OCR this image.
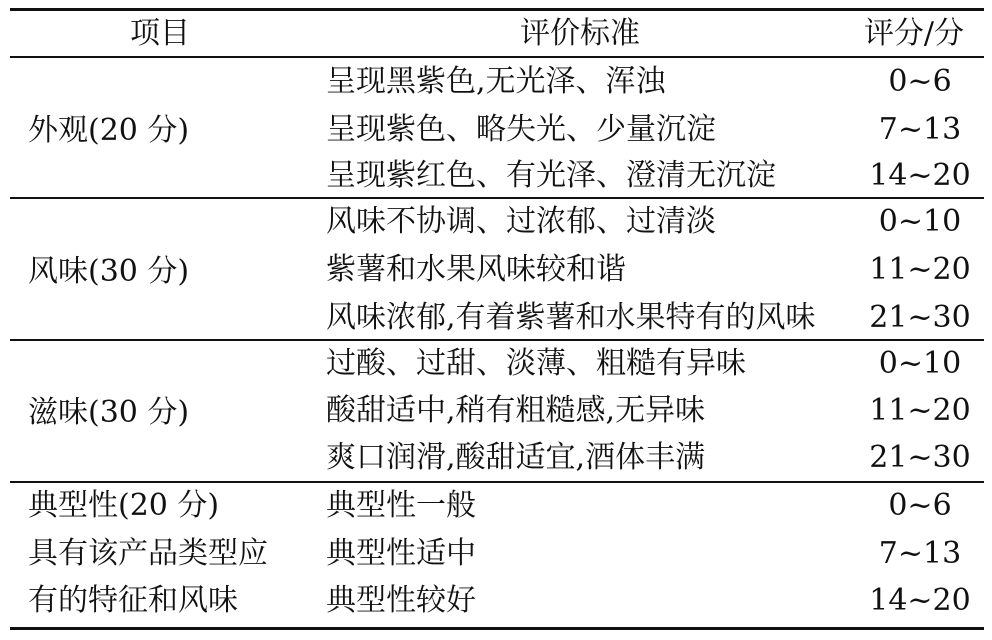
项目	评价标准	评分/分
外观(20 分)
呈现黑紫色,无光泽、浑浊	0~6
呈现紫色、略失光、少量沉淀	7~13
呈现紫红色、有光泽、澄清无沉淀	14~20
风味(30 分)
风味不协调、过浓郁、过清淡	0~10
紫薯和水果风味较和谐	11~20
风味浓郁,有着紫薯和水果特有的风味	21~30
滋味(30 分)
过酸、过甜、淡薄、粗糙有异味	0~10
酸甜适中,稍有粗糙感,无异味	11~20
爽口润滑,酸甜适宜,酒体丰满	21~30
典型性(20 分)
具有该产品类型应
有的特征和风味
典型性一般	0~6
典型性适中	7~13
典型性较好	14~20
